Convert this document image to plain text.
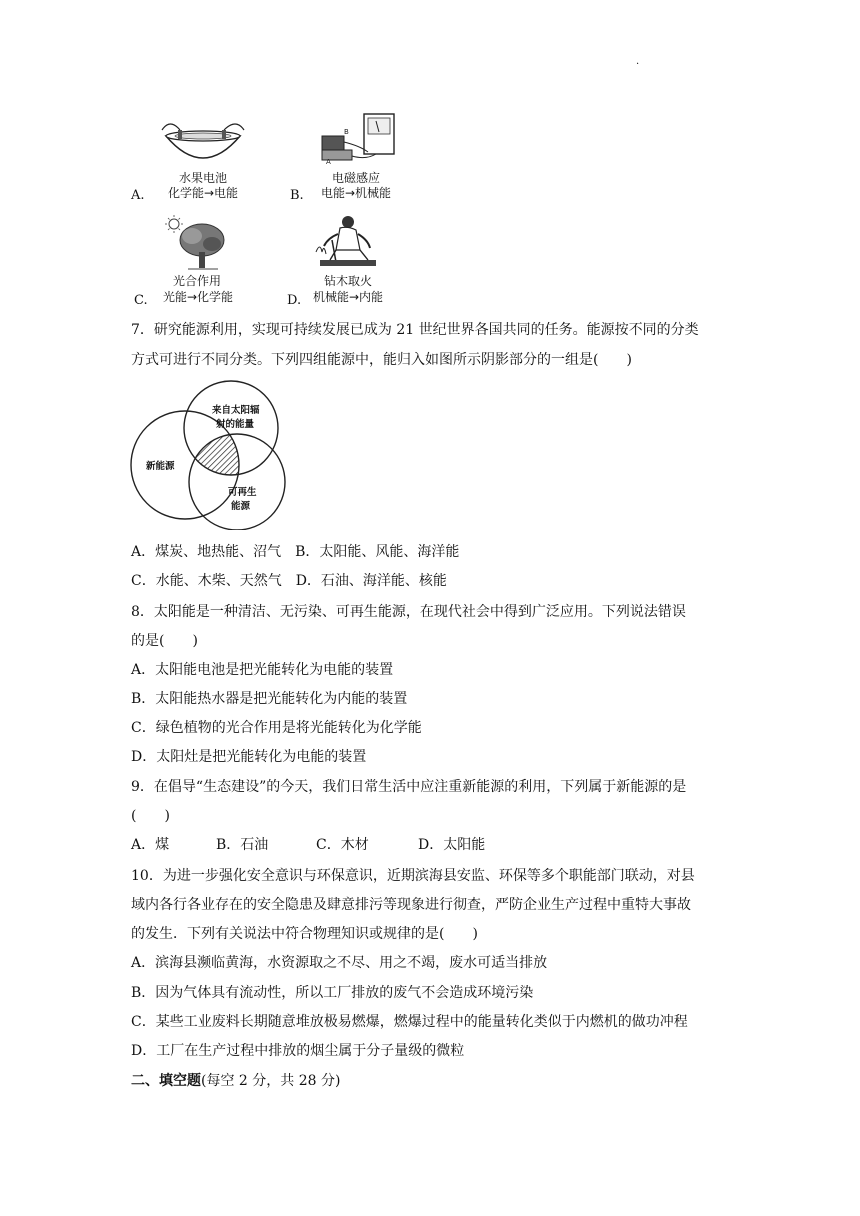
.
A.
水果电池
化学能→电能	B.
A
B
电磁感应
电能→机械能
C.
光合作用
光能→化学能	D.
钻木取火
机械能→内能
7．研究能源利用，实现可持续发展已成为 21 世纪世界各国共同的任务。能源按不同的分类
方式可进行不同分类。下列四组能源中，能归入如图所示阴影部分的一组是(　　)
来自太阳辐
射的能量
新能源
可再生
能源
A．煤炭、地热能、沼气　B．太阳能、风能、海洋能
C．水能、木柴、天然气　D．石油、海洋能、核能
8．太阳能是一种清洁、无污染、可再生能源，在现代社会中得到广泛应用。下列说法错误
的是(　　)
A．太阳能电池是把光能转化为电能的装置
B．太阳能热水器是把光能转化为内能的装置
C．绿色植物的光合作用是将光能转化为化学能
D．太阳灶是把光能转化为电能的装置
9．在倡导“生态建设”的今天，我们日常生活中应注重新能源的利用，下列属于新能源的是
(　　)
A．煤	B．石油	C．木材	D．太阳能
10．为进一步强化安全意识与环保意识，近期滨海县安监、环保等多个职能部门联动，对县
域内各行各业存在的安全隐患及肆意排污等现象进行彻查，严防企业生产过程中重特大事故
的发生．下列有关说法中符合物理知识或规律的是(　　)
A．滨海县濒临黄海，水资源取之不尽、用之不竭，废水可适当排放
B．因为气体具有流动性，所以工厂排放的废气不会造成环境污染
C．某些工业废料长期随意堆放极易燃爆，燃爆过程中的能量转化类似于内燃机的做功冲程
D．工厂在生产过程中排放的烟尘属于分子量级的微粒
二、填空题(每空 2 分，共 28 分)
